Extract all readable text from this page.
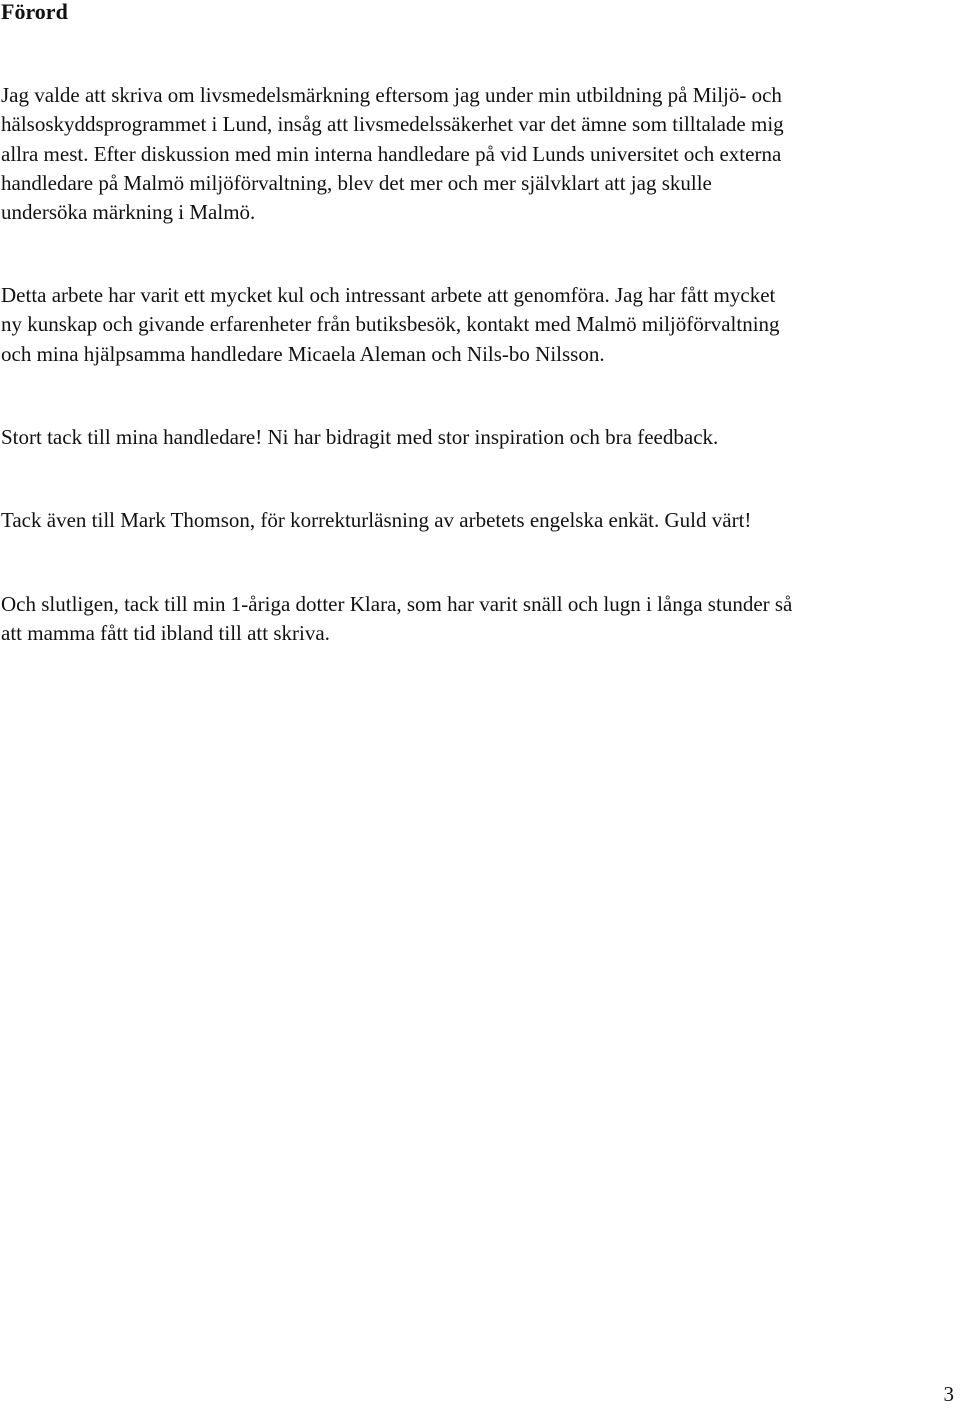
Förord

Jag valde att skriva om livsmedelsmärkning eftersom jag under min utbildning på Miljö- och
hälsoskyddsprogrammet i Lund, insåg att livsmedelssäkerhet var det ämne som tilltalade mig
allra mest. Efter diskussion med min interna handledare på vid Lunds universitet och externa
handledare på Malmö miljöförvaltning, blev det mer och mer självklart att jag skulle
undersöka märkning i Malmö.

Detta arbete har varit ett mycket kul och intressant arbete att genomföra. Jag har fått mycket
ny kunskap och givande erfarenheter från butiksbesök, kontakt med Malmö miljöförvaltning
och mina hjälpsamma handledare Micaela Aleman och Nils-bo Nilsson.

Stort tack till mina handledare! Ni har bidragit med stor inspiration och bra feedback.

Tack även till Mark Thomson, för korrekturläsning av arbetets engelska enkät. Guld värt!

Och slutligen, tack till min 1-åriga dotter Klara, som har varit snäll och lugn i långa stunder så
att mamma fått tid ibland till att skriva.

3
